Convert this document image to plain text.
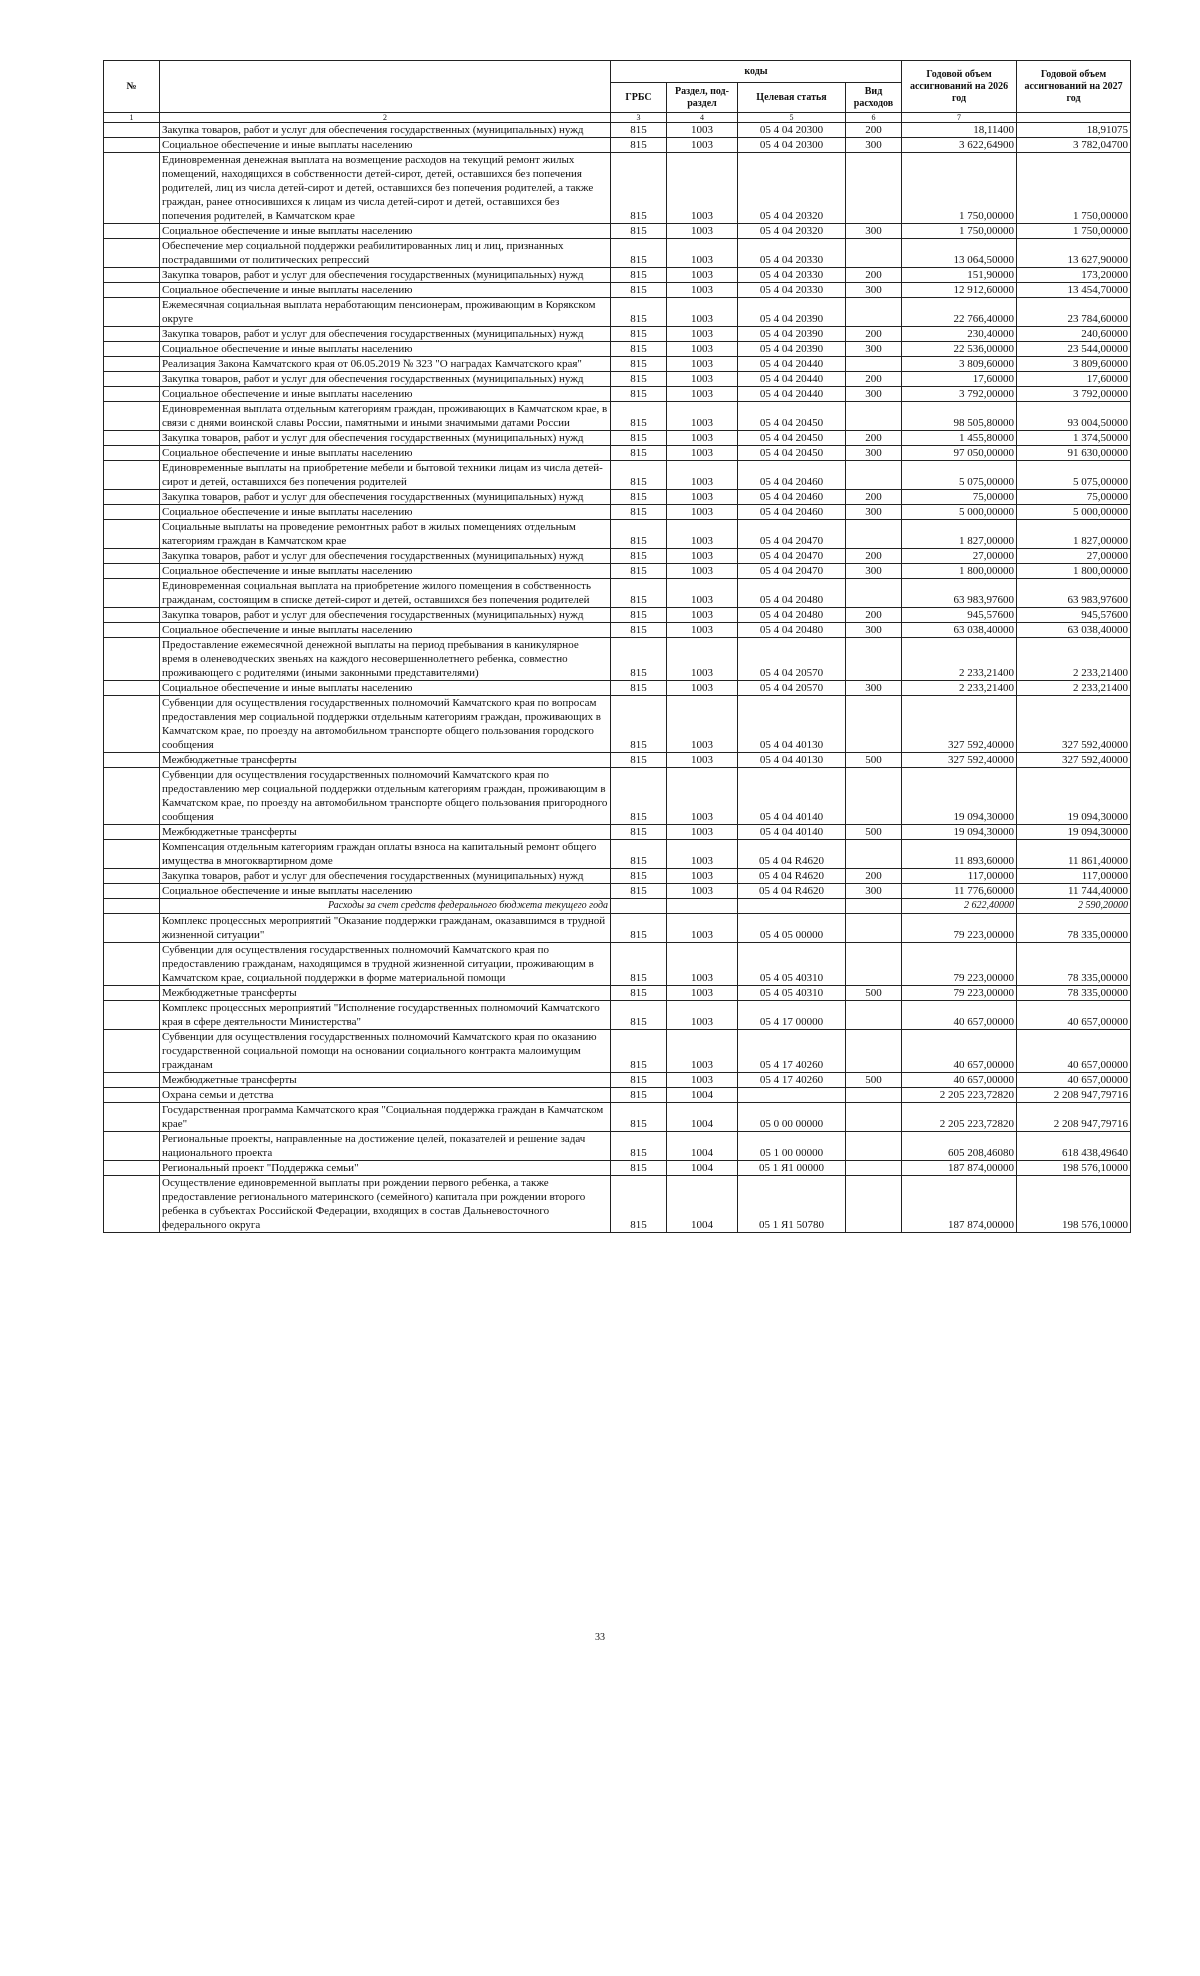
№		коды				Годовой объем ассигнований на 2026 год	Годовой объем ассигнований на 2027 год
		ГРБС	Раздел, под-раздел	Целевая статья	Вид расходов		
1	2	3	4	5	6	7	
	Закупка товаров, работ и услуг для обеспечения государственных (муниципальных) нужд	815	1003	05 4 04 20300	200	18,11400	18,91075
	Социальное обеспечение и иные выплаты населению	815	1003	05 4 04 20300	300	3 622,64900	3 782,04700
	Единовременная денежная выплата на возмещение расходов на текущий ремонт жилых помещений, находящихся в собственности детей-сирот, детей, оставшихся без попечения родителей, лиц из числа детей-сирот и детей, оставшихся без попечения родителей, а также граждан, ранее относившихся к лицам из числа детей-сирот и детей, оставшихся без попечения родителей, в Камчатском крае	815	1003	05 4 04 20320		1 750,00000	1 750,00000
	Социальное обеспечение и иные выплаты населению	815	1003	05 4 04 20320	300	1 750,00000	1 750,00000
	Обеспечение мер социальной поддержки реабилитированных лиц и лиц, признанных пострадавшими от политических репрессий	815	1003	05 4 04 20330		13 064,50000	13 627,90000
	Закупка товаров, работ и услуг для обеспечения государственных (муниципальных) нужд	815	1003	05 4 04 20330	200	151,90000	173,20000
	Социальное обеспечение и иные выплаты населению	815	1003	05 4 04 20330	300	12 912,60000	13 454,70000
	Ежемесячная социальная выплата неработающим пенсионерам, проживающим в Корякском округе	815	1003	05 4 04 20390		22 766,40000	23 784,60000
	Закупка товаров, работ и услуг для обеспечения государственных (муниципальных) нужд	815	1003	05 4 04 20390	200	230,40000	240,60000
	Социальное обеспечение и иные выплаты населению	815	1003	05 4 04 20390	300	22 536,00000	23 544,00000
	Реализация Закона Камчатского края от 06.05.2019 № 323 "О наградах Камчатского края"	815	1003	05 4 04 20440		3 809,60000	3 809,60000
	Закупка товаров, работ и услуг для обеспечения государственных (муниципальных) нужд	815	1003	05 4 04 20440	200	17,60000	17,60000
	Социальное обеспечение и иные выплаты населению	815	1003	05 4 04 20440	300	3 792,00000	3 792,00000
	Единовременная выплата отдельным категориям граждан, проживающих в Камчатском крае, в связи с днями воинской славы России, памятными и иными значимыми датами России	815	1003	05 4 04 20450		98 505,80000	93 004,50000
	Закупка товаров, работ и услуг для обеспечения государственных (муниципальных) нужд	815	1003	05 4 04 20450	200	1 455,80000	1 374,50000
	Социальное обеспечение и иные выплаты населению	815	1003	05 4 04 20450	300	97 050,00000	91 630,00000
	Единовременные выплаты на приобретение мебели и бытовой техники лицам из числа детей-сирот и детей, оставшихся без попечения родителей	815	1003	05 4 04 20460		5 075,00000	5 075,00000
	Закупка товаров, работ и услуг для обеспечения государственных (муниципальных) нужд	815	1003	05 4 04 20460	200	75,00000	75,00000
	Социальное обеспечение и иные выплаты населению	815	1003	05 4 04 20460	300	5 000,00000	5 000,00000
	Социальные выплаты на проведение ремонтных работ в жилых помещениях отдельным категориям граждан в Камчатском крае	815	1003	05 4 04 20470		1 827,00000	1 827,00000
	Закупка товаров, работ и услуг для обеспечения государственных (муниципальных) нужд	815	1003	05 4 04 20470	200	27,00000	27,00000
	Социальное обеспечение и иные выплаты населению	815	1003	05 4 04 20470	300	1 800,00000	1 800,00000
	Единовременная социальная выплата на приобретение жилого помещения в собственность гражданам, состоящим в списке детей-сирот и детей, оставшихся без попечения родителей	815	1003	05 4 04 20480		63 983,97600	63 983,97600
	Закупка товаров, работ и услуг для обеспечения государственных (муниципальных) нужд	815	1003	05 4 04 20480	200	945,57600	945,57600
	Социальное обеспечение и иные выплаты населению	815	1003	05 4 04 20480	300	63 038,40000	63 038,40000
	Предоставление ежемесячной денежной выплаты на период пребывания в каникулярное время в оленеводческих звеньях на каждого несовершеннолетнего ребенка, совместно проживающего с родителями (иными законными представителями)	815	1003	05 4 04 20570		2 233,21400	2 233,21400
	Социальное обеспечение и иные выплаты населению	815	1003	05 4 04 20570	300	2 233,21400	2 233,21400
	Субвенции для осуществления государственных полномочий Камчатского края по вопросам предоставления мер социальной поддержки отдельным категориям граждан, проживающих в Камчатском крае, по проезду на автомобильном транспорте общего пользования городского сообщения	815	1003	05 4 04 40130		327 592,40000	327 592,40000
	Межбюджетные трансферты	815	1003	05 4 04 40130	500	327 592,40000	327 592,40000
	Субвенции для осуществления государственных полномочий Камчатского края по предоставлению мер социальной поддержки отдельным категориям граждан, проживающим в Камчатском крае, по проезду на автомобильном транспорте общего пользования пригородного сообщения	815	1003	05 4 04 40140		19 094,30000	19 094,30000
	Межбюджетные трансферты	815	1003	05 4 04 40140	500	19 094,30000	19 094,30000
	Компенсация отдельным категориям граждан оплаты взноса на капитальный ремонт общего имущества в многоквартирном доме	815	1003	05 4 04 R4620		11 893,60000	11 861,40000
	Закупка товаров, работ и услуг для обеспечения государственных (муниципальных) нужд	815	1003	05 4 04 R4620	200	117,00000	117,00000
	Социальное обеспечение и иные выплаты населению	815	1003	05 4 04 R4620	300	11 776,60000	11 744,40000
	Расходы за счет средств федерального бюджета текущего года					2 622,40000	2 590,20000
	Комплекс процессных мероприятий "Оказание поддержки гражданам, оказавшимся в трудной жизненной ситуации"	815	1003	05 4 05 00000		79 223,00000	78 335,00000
	Субвенции для осуществления государственных полномочий Камчатского края по предоставлению гражданам, находящимся в трудной жизненной ситуации, проживающим в Камчатском крае, социальной поддержки в форме материальной помощи	815	1003	05 4 05 40310		79 223,00000	78 335,00000
	Межбюджетные трансферты	815	1003	05 4 05 40310	500	79 223,00000	78 335,00000
	Комплекс процессных мероприятий "Исполнение государственных полномочий Камчатского края в сфере деятельности Министерства"	815	1003	05 4 17 00000		40 657,00000	40 657,00000
	Субвенции для осуществления государственных полномочий Камчатского края по оказанию государственной социальной помощи на основании социального контракта малоимущим гражданам	815	1003	05 4 17 40260		40 657,00000	40 657,00000
	Межбюджетные трансферты	815	1003	05 4 17 40260	500	40 657,00000	40 657,00000
	Охрана семьи и детства	815	1004			2 205 223,72820	2 208 947,79716
	Государственная программа Камчатского края "Социальная поддержка граждан в Камчатском крае"	815	1004	05 0 00 00000		2 205 223,72820	2 208 947,79716
	Региональные проекты, направленные на достижение целей, показателей и решение задач национального проекта	815	1004	05 1 00 00000		605 208,46080	618 438,49640
	Региональный проект "Поддержка семьи"	815	1004	05 1 Я1 00000		187 874,00000	198 576,10000
	Осуществление единовременной выплаты при рождении первого ребенка, а также предоставление регионального материнского (семейного) капитала при рождении второго ребенка в субъектах Российской Федерации, входящих в состав Дальневосточного федерального округа	815	1004	05 1 Я1 50780		187 874,00000	198 576,10000
33
